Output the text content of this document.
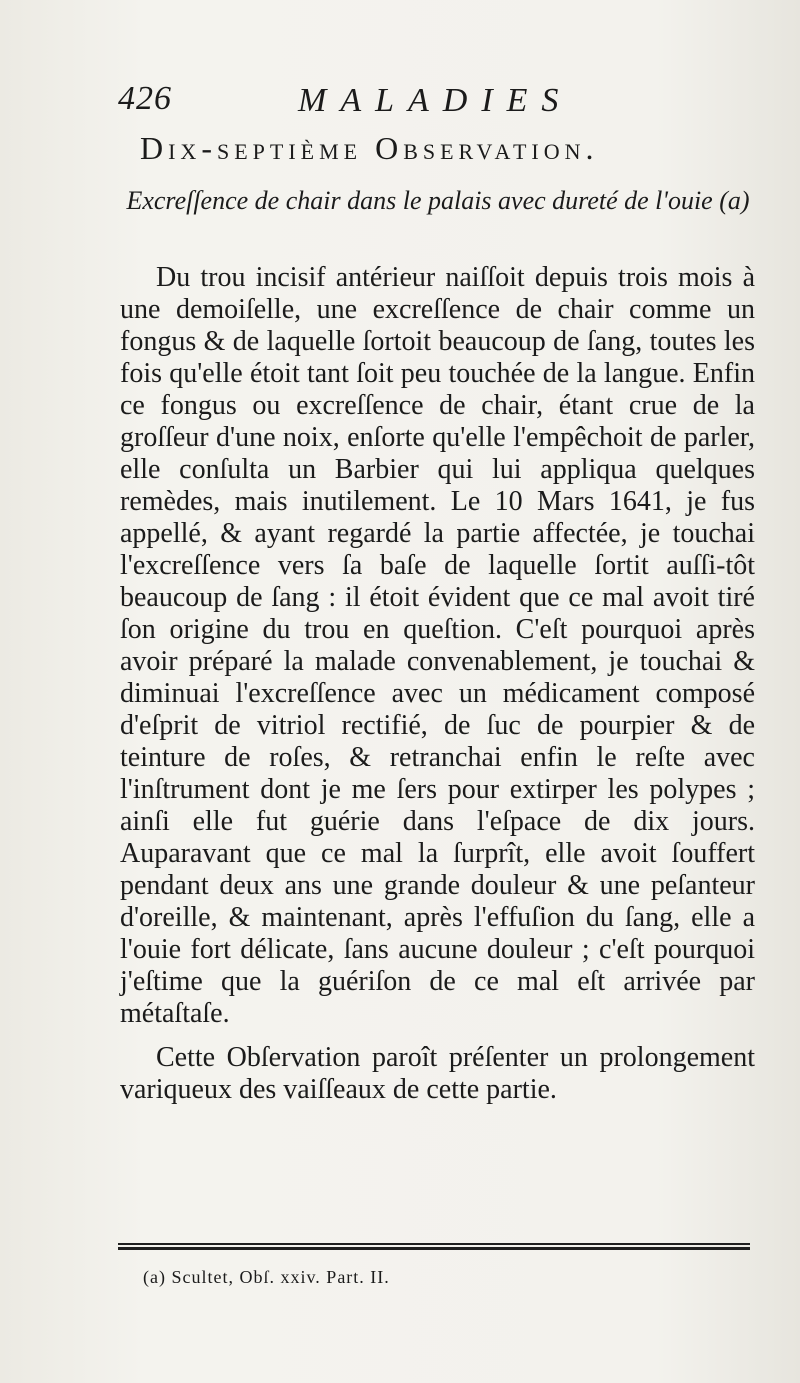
426	MALADIES
Dix-septième Observation.
Excreſſence de chair dans le palais avec dureté de l'ouie (a)

Du trou incisif antérieur naiſſoit depuis trois mois à une demoiſelle, une excreſſence de chair comme un fongus & de laquelle ſortoit beaucoup de ſang, toutes les fois qu'elle étoit tant ſoit peu touchée de la langue. Enfin ce fongus ou excreſſence de chair, étant crue de la groſſeur d'une noix, enſorte qu'elle l'empêchoit de parler, elle conſulta un Barbier qui lui appliqua quelques remèdes, mais inutilement. Le 10 Mars 1641, je fus appellé, & ayant regardé la partie affectée, je touchai l'excreſſence vers ſa baſe de laquelle ſortit auſſi-tôt beaucoup de ſang : il étoit évident que ce mal avoit tiré ſon origine du trou en queſtion. C'eſt pourquoi après avoir préparé la malade convenablement, je touchai & diminuai l'excreſſence avec un médicament composé d'eſprit de vitriol rectifié, de ſuc de pourpier & de teinture de roſes, & retranchai enfin le reſte avec l'inſtrument dont je me ſers pour extirper les polypes ; ainſi elle fut guérie dans l'eſpace de dix jours. Auparavant que ce mal la ſurprît, elle avoit ſouffert pendant deux ans une grande douleur & une peſanteur d'oreille, & maintenant, après l'effuſion du ſang, elle a l'ouie fort délicate, ſans aucune douleur ; c'eſt pourquoi j'eſtime que la guériſon de ce mal eſt arrivée par métaſtaſe.

Cette Obſervation paroît préſenter un prolongement variqueux des vaiſſeaux de cette partie.

(a) Scultet, Obſ. xxiv. Part. II.
